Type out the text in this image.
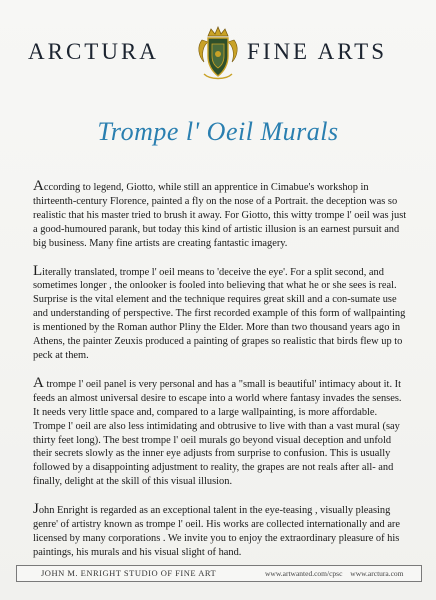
ARCTURA	FINE ARTS
Trompe l' Oeil Murals

According to legend, Giotto, while still an apprentice in Cimabue's workshop in thirteenth-century Florence, painted a fly on the nose of a Portrait. the deception was so realistic that his master tried to brush it away. For Giotto, this witty trompe l' oeil was just a good-humoured parank, but today this kind of artistic illusion is an earnest pursuit and big business. Many fine artists are creating fantastic imagery.

Literally translated, trompe l' oeil means to 'deceive the eye'. For a split second, and sometimes longer , the onlooker is fooled into believing that what he or she sees is real. Surprise is the vital element and the technique requires great skill and a con-sumate use and understanding of perspective. The first recorded example of this form of wallpainting is mentioned by the Roman author Pliny the Elder. More than two thousand years ago in Athens, the painter Zeuxis produced a painting of grapes so realistic that birds flew up to peck at them.

A trompe l' oeil panel is very personal and has a "small is beautiful' intimacy about it. It feeds an almost universal desire to escape into a world where fantasy invades the senses. It needs very little space and, compared to a large wallpainting, is more affordable. Trompe l' oeil are also less intimidating and obtrusive to live with than a vast mural (say thirty feet long). The best trompe l' oeil murals go beyond visual deception and unfold their secrets slowly as the inner eye adjusts from surprise to confusion. This is usually followed by a disappointing adjustment to reality, the grapes are not reals after all- and finally, delight at the skill of this visual illusion.

John Enright is regarded as an exceptional talent in the eye-teasing , visually pleasing genre' of artistry known as trompe l' oeil. His works are collected internationally and are licensed by many corporations . We invite you to enjoy the extraordinary pleasure of his paintings, his murals and his visual slight of hand.

JOHN M. ENRIGHT STUDIO OF FINE ART	www.artwanted.com/cpsc www.arctura.com
